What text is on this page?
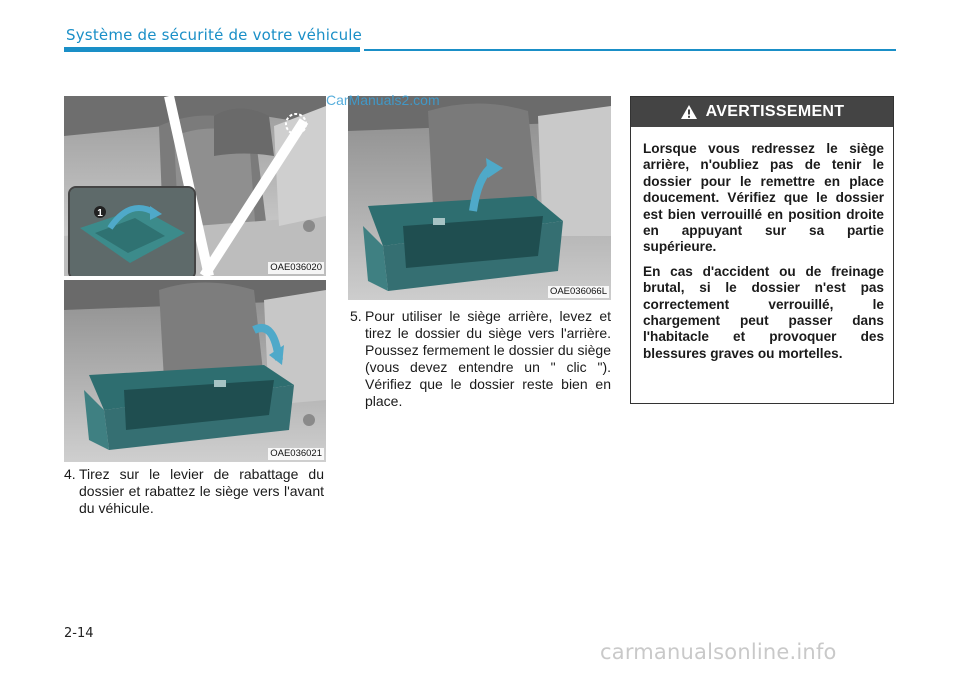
Système de sécurité de votre véhicule
1
OAE036020
OAE036021
OAE036066L
CarManuals2.com
4. Tirez sur le levier de rabattage du dossier et rabattez le siège vers l'avant du véhicule.
5. Pour utiliser le siège arrière, levez et tirez le dossier du siège vers l'arrière. Poussez fermement le dossier du siège (vous devez entendre un " clic "). Vérifiez que le dossier reste bien en place.
AVERTISSEMENT

Lorsque vous redressez le siège arrière, n'oubliez pas de tenir le dossier pour le remettre en place doucement. Vérifiez que le dossier est bien verrouillé en position droite en appuyant sur sa partie supérieure.

En cas d'accident ou de freinage brutal, si le dossier n'est pas correctement verrouillé, le chargement peut passer dans l'habitacle et provoquer des blessures graves ou mortelles.

2-14
carmanualsonline.info
